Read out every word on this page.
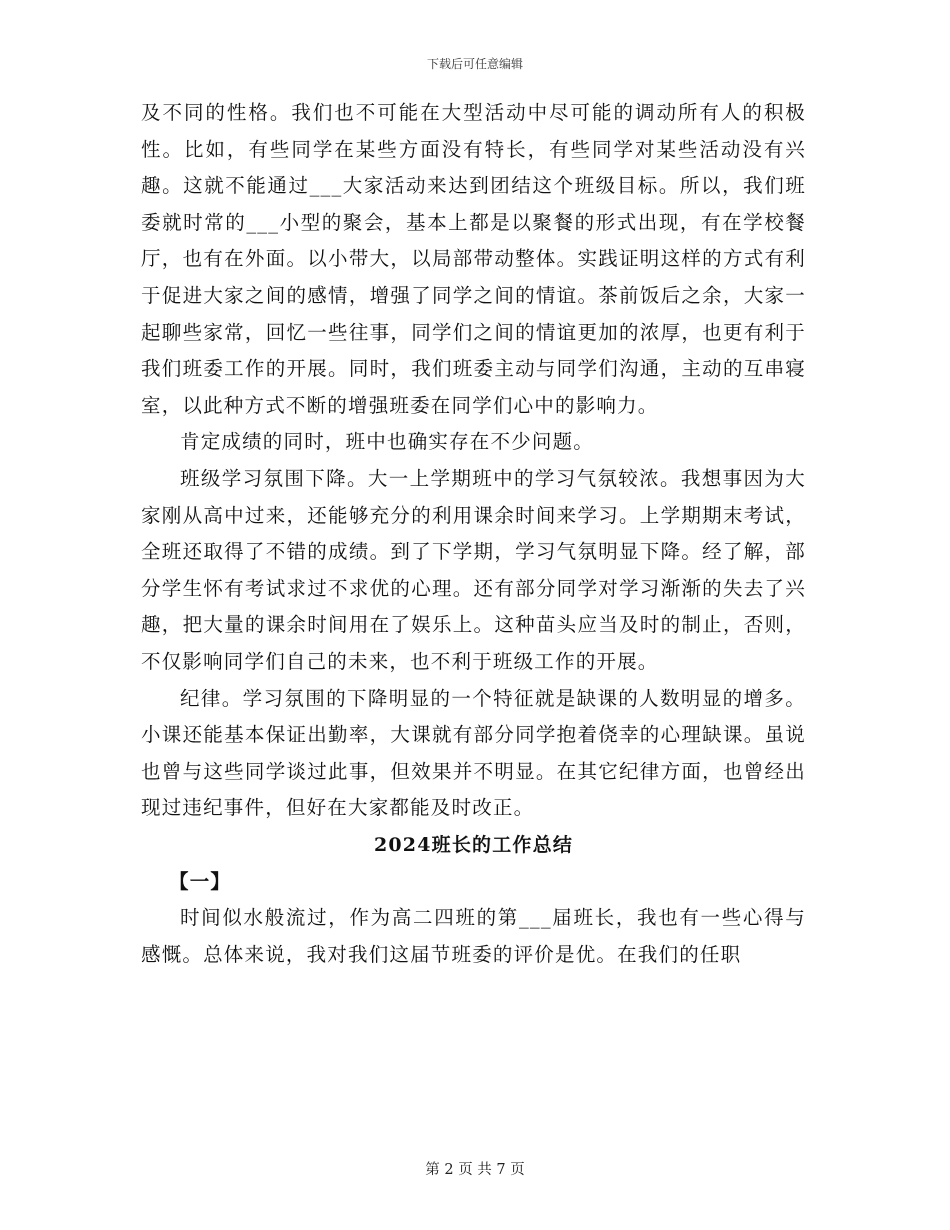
下载后可任意编辑

及不同的性格。我们也不可能在大型活动中尽可能的调动所有人的积极性。比如，有些同学在某些方面没有特长，有些同学对某些活动没有兴趣。这就不能通过___大家活动来达到团结这个班级目标。所以，我们班委就时常的___小型的聚会，基本上都是以聚餐的形式出现，有在学校餐厅，也有在外面。以小带大，以局部带动整体。实践证明这样的方式有利于促进大家之间的感情，增强了同学之间的情谊。茶前饭后之余，大家一起聊些家常，回忆一些往事，同学们之间的情谊更加的浓厚，也更有利于我们班委工作的开展。同时，我们班委主动与同学们沟通，主动的互串寝室，以此种方式不断的增强班委在同学们心中的影响力。

肯定成绩的同时，班中也确实存在不少问题。

班级学习氛围下降。大一上学期班中的学习气氛较浓。我想事因为大家刚从高中过来，还能够充分的利用课余时间来学习。上学期期末考试，全班还取得了不错的成绩。到了下学期，学习气氛明显下降。经了解，部分学生怀有考试求过不求优的心理。还有部分同学对学习渐渐的失去了兴趣，把大量的课余时间用在了娱乐上。这种苗头应当及时的制止，否则，不仅影响同学们自己的未来，也不利于班级工作的开展。

纪律。学习氛围的下降明显的一个特征就是缺课的人数明显的增多。小课还能基本保证出勤率，大课就有部分同学抱着侥幸的心理缺课。虽说也曾与这些同学谈过此事，但效果并不明显。在其它纪律方面，也曾经出现过违纪事件，但好在大家都能及时改正。

2024班长的工作总结

【一】

时间似水般流过，作为高二四班的第___届班长，我也有一些心得与感慨。总体来说，我对我们这届节班委的评价是优。在我们的任职

第 2 页 共 7 页
